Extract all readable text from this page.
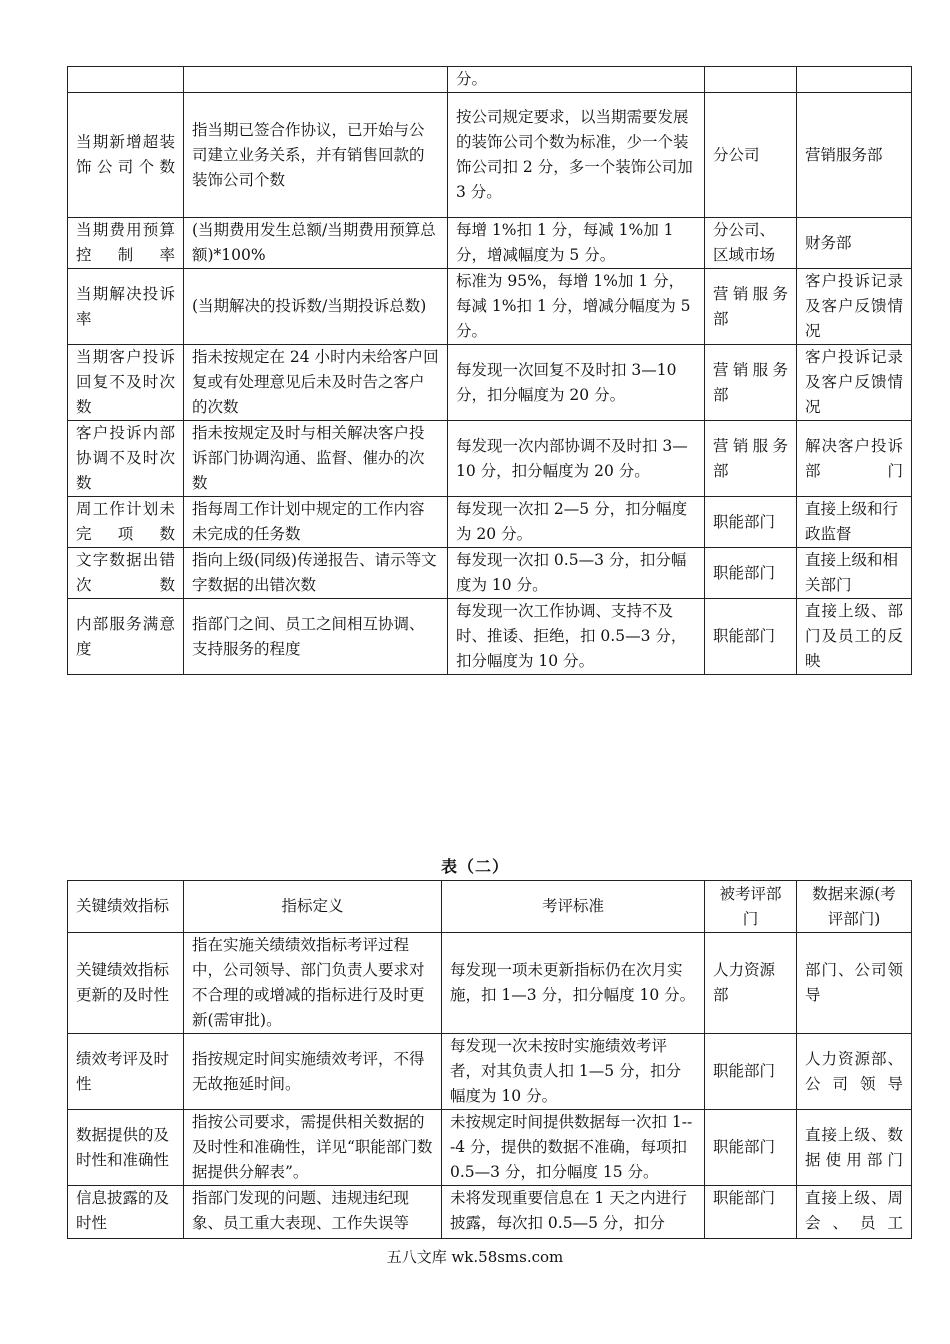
		分。		
当期新增超装饰公司个数	指当期已签合作协议，已开始与公司建立业务关系，并有销售回款的装饰公司个数	按公司规定要求，以当期需要发展的装饰公司个数为标准，少一个装饰公司扣 2 分，多一个装饰公司加 3 分。	分公司	营销服务部
当期费用预算控制率	(当期费用发生总额/当期费用预算总额)*100%	每增 1%扣 1 分，每减 1%加 1 分，增减幅度为 5 分。	分公司、区域市场	财务部
当期解决投诉率	(当期解决的投诉数/当期投诉总数)	标准为 95%，每增 1%加 1 分，每减 1%扣 1 分，增减分幅度为 5 分。	营销服务部	客户投诉记录及客户反馈情况
当期客户投诉回复不及时次数	指未按规定在 24 小时内未给客户回复或有处理意见后未及时告之客户的次数	每发现一次回复不及时扣 3—10 分，扣分幅度为 20 分。	营销服务部	客户投诉记录及客户反馈情况
客户投诉内部协调不及时次数	指未按规定及时与相关解决客户投诉部门协调沟通、监督、催办的次数	每发现一次内部协调不及时扣 3—10 分，扣分幅度为 20 分。	营销服务部	解决客户投诉部门
周工作计划未完项数	指每周工作计划中规定的工作内容未完成的任务数	每发现一次扣 2—5 分，扣分幅度为 20 分。	职能部门	直接上级和行政监督
文字数据出错次数	指向上级(同级)传递报告、请示等文字数据的出错次数	每发现一次扣 0.5—3 分，扣分幅度为 10 分。	职能部门	直接上级和相关部门
内部服务满意度	指部门之间、员工之间相互协调、支持服务的程度	每发现一次工作协调、支持不及时、推诿、拒绝，扣 0.5—3 分，扣分幅度为 10 分。	职能部门	直接上级、部门及员工的反映
表（二）
关键绩效指标	指标定义	考评标准	被考评部门	数据来源(考评部门)
关键绩效指标更新的及时性	指在实施关绩绩效指标考评过程中，公司领导、部门负责人要求对不合理的或增减的指标进行及时更新(需审批)。	每发现一项未更新指标仍在次月实施，扣 1—3 分，扣分幅度 10 分。	人力资源部	部门、公司领导
绩效考评及时性	指按规定时间实施绩效考评，不得无故拖延时间。	每发现一次未按时实施绩效考评者，对其负责人扣 1—5 分，扣分幅度为 10 分。	职能部门	人力资源部、公司领导
数据提供的及时性和准确性	指按公司要求，需提供相关数据的及时性和准确性，详见“职能部门数据提供分解表”。	未按规定时间提供数据每一次扣 1---4 分，提供的数据不准确，每项扣 0.5—3 分，扣分幅度 15 分。	职能部门	直接上级、数据使用部门
信息披露的及时性	指部门发现的问题、违规违纪现象、员工重大表现、工作失误等	未将发现重要信息在 1 天之内进行披露，每次扣 0.5—5 分，扣分	职能部门	直接上级、周会、员工
五八文库 wk.58sms.com
